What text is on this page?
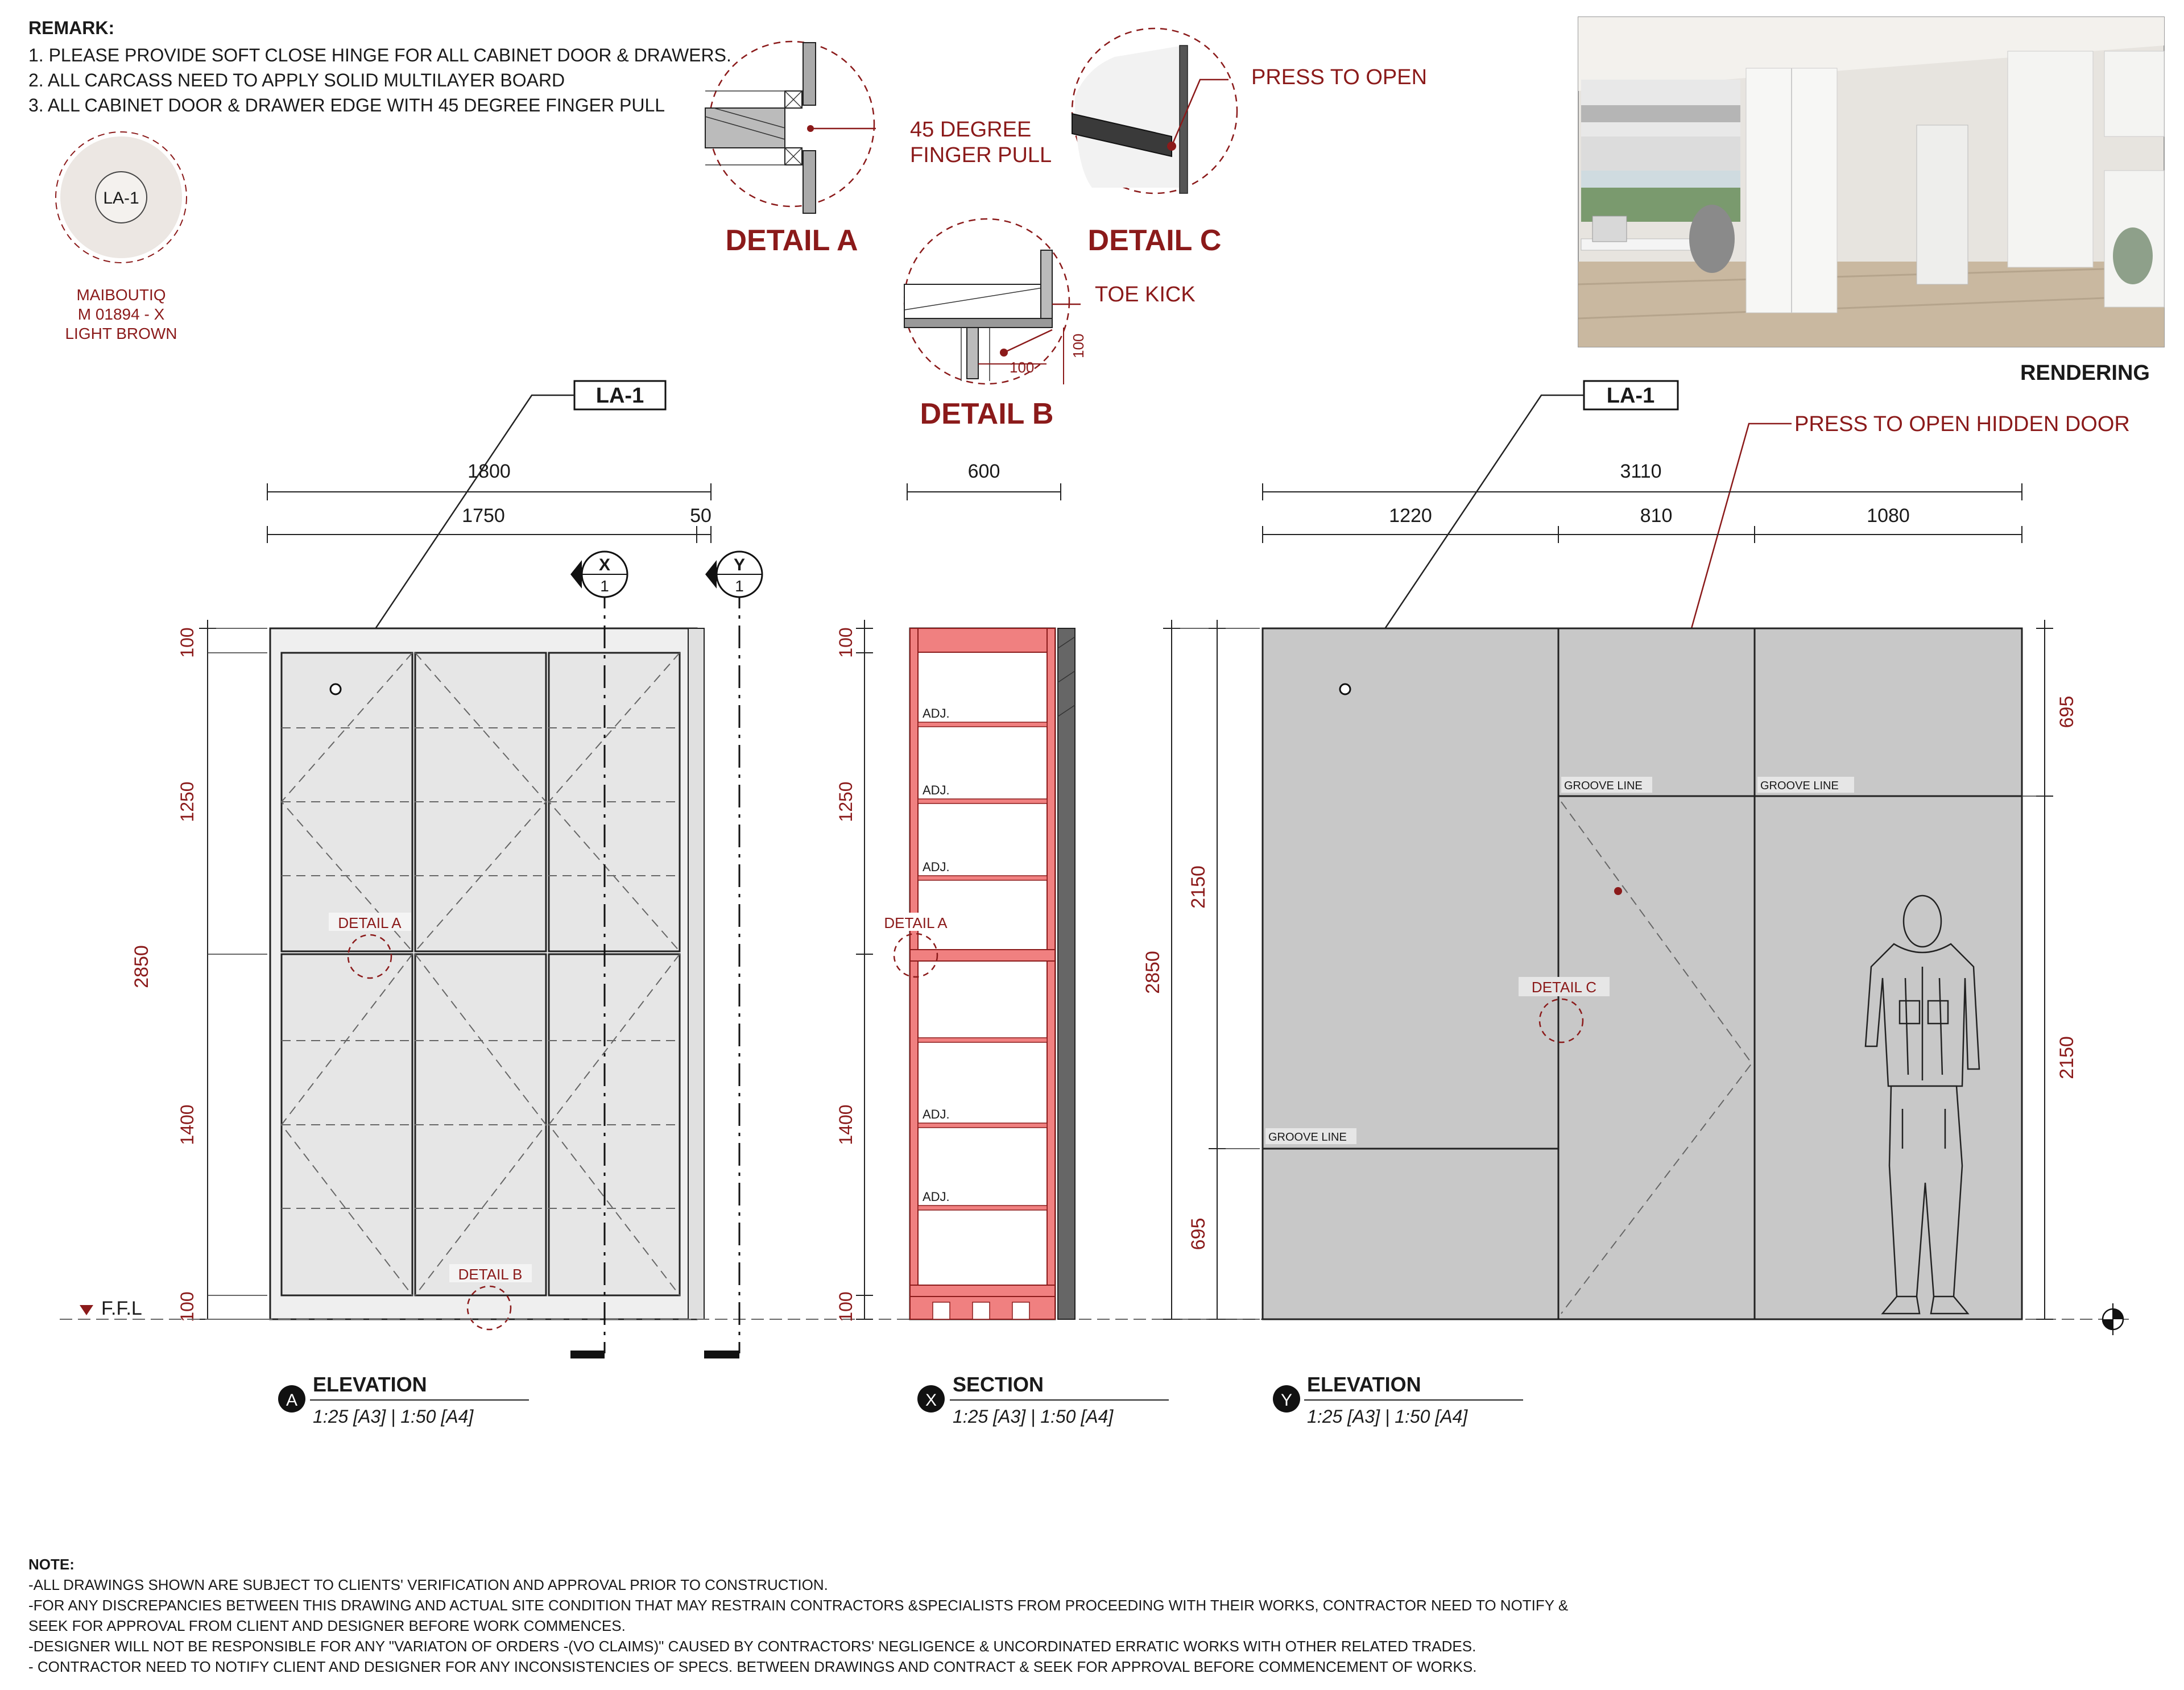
REMARK:
1. PLEASE PROVIDE SOFT CLOSE HINGE FOR ALL CABINET DOOR & DRAWERS.
2. ALL CARCASS NEED TO APPLY SOLID MULTILAYER BOARD
3. ALL CABINET DOOR & DRAWER EDGE WITH 45 DEGREE FINGER PULL
LA-1
MAIBOUTIQ
M 01894 - X
LIGHT BROWN
45 DEGREE
FINGER PULL
DETAIL A
PRESS TO OPEN
DETAIL C
TOE KICK
100
100
DETAIL B
RENDERING
LA-1
1800
1750	50
DETAIL A
DETAIL B
2850
100
1250
1400
100
F.F.L
X
1
Y
1
A
ELEVATION
1:25 [A3] | 1:50 [A4]
600
ADJ.
ADJ.
ADJ.
ADJ.
ADJ.
DETAIL A
100
1250
1400
100
X
SECTION
1:25 [A3] | 1:50 [A4]
LA-1
PRESS TO OPEN HIDDEN DOOR
3110
1220	810	1080
GROOVE LINE	GROOVE LINE
GROOVE LINE
DETAIL C
2150
695
2850
695
2150
Y
ELEVATION
1:25 [A3] | 1:50 [A4]
NOTE:
-ALL DRAWINGS SHOWN ARE SUBJECT TO CLIENTS' VERIFICATION AND APPROVAL PRIOR TO CONSTRUCTION.
-FOR ANY DISCREPANCIES BETWEEN THIS DRAWING AND ACTUAL SITE CONDITION THAT MAY RESTRAIN CONTRACTORS &SPECIALISTS FROM PROCEEDING WITH THEIR WORKS, CONTRACTOR NEED TO NOTIFY &
SEEK FOR APPROVAL FROM CLIENT AND DESIGNER BEFORE WORK COMMENCES.
-DESIGNER WILL NOT BE RESPONSIBLE FOR ANY "VARIATON OF ORDERS -(VO CLAIMS)" CAUSED BY CONTRACTORS' NEGLIGENCE & UNCORDINATED ERRATIC WORKS WITH OTHER RELATED TRADES.
- CONTRACTOR NEED TO NOTIFY CLIENT AND DESIGNER FOR ANY INCONSISTENCIES OF SPECS. BETWEEN DRAWINGS AND CONTRACT & SEEK FOR APPROVAL BEFORE COMMENCEMENT OF WORKS.
